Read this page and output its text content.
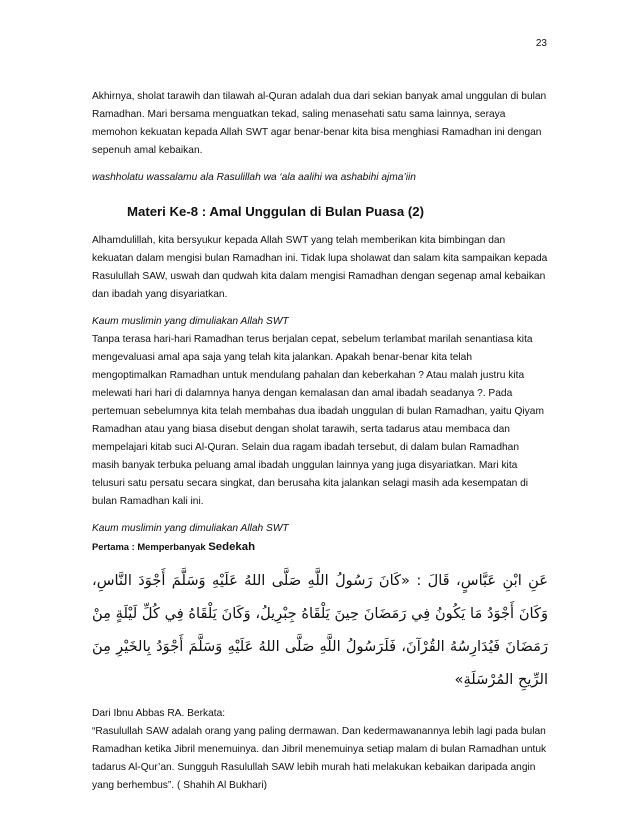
23

Akhirnya, sholat tarawih dan tilawah al-Quran adalah dua dari sekian banyak amal unggulan di bulan Ramadhan. Mari bersama menguatkan tekad, saling menasehati satu sama lainnya, seraya memohon kekuatan kepada Allah SWT agar benar-benar kita bisa menghiasi Ramadhan ini dengan sepenuh amal kebaikan.

washholatu wassalamu ala Rasulillah wa ‘ala aalihi wa ashabihi ajma’iin

Materi Ke-8 : Amal Unggulan di Bulan Puasa (2)

Alhamdulillah, kita bersyukur kepada Allah SWT yang telah memberikan kita bimbingan dan kekuatan dalam mengisi bulan Ramadhan ini. Tidak lupa sholawat dan salam kita sampaikan kepada Rasulullah SAW, uswah dan qudwah kita dalam mengisi Ramadhan dengan segenap amal kebaikan dan ibadah yang disyariatkan.

Kaum muslimin yang dimuliakan Allah SWT

Tanpa terasa hari-hari Ramadhan terus berjalan cepat, sebelum terlambat marilah senantiasa kita mengevaluasi amal apa saja yang telah kita jalankan. Apakah benar-benar kita telah mengoptimalkan Ramadhan untuk mendulang pahalan dan keberkahan ? Atau malah justru kita melewati hari hari di dalamnya hanya dengan kemalasan dan amal ibadah seadanya ?. Pada pertemuan sebelumnya kita telah membahas dua ibadah unggulan di bulan Ramadhan, yaitu Qiyam Ramadhan atau yang biasa disebut dengan sholat tarawih, serta tadarus atau membaca dan mempelajari kitab suci Al-Quran. Selain dua ragam ibadah tersebut, di dalam bulan Ramadhan masih banyak terbuka peluang amal ibadah unggulan lainnya yang juga disyariatkan. Mari kita telusuri satu persatu secara singkat, dan berusaha kita jalankan selagi masih ada kesempatan di bulan Ramadhan kali ini.

Kaum muslimin yang dimuliakan Allah SWT

Pertama : Memperbanyak Sedekah

عَنِ ابْنِ عَبَّاسٍ، قَالَ : «كَانَ رَسُولُ اللَّهِ صَلَّى اللهُ عَلَيْهِ وَسَلَّمَ أَجْوَدَ النَّاسِ، وَكَانَ أَجْوَدُ مَا يَكُونُ فِي رَمَضَانَ حِينَ يَلْقَاهُ جِبْرِيلُ، وَكَانَ يَلْقَاهُ فِي كُلِّ لَيْلَةٍ مِنْ رَمَضَانَ فَيُدَارِسُهُ القُرْآنَ، فَلَرَسُولُ اللَّهِ صَلَّى اللهُ عَلَيْهِ وَسَلَّمَ أَجْوَدُ بِالخَيْرِ مِنَ الرِّيحِ المُرْسَلَةِ»

Dari Ibnu Abbas RA. Berkata:
“Rasulullah SAW adalah orang yang paling dermawan. Dan kedermawanannya lebih lagi pada bulan Ramadhan ketika Jibril menemuinya. dan Jibril menemuinya setiap malam di bulan Ramadhan untuk tadarus Al-Qur’an. Sungguh Rasulullah SAW lebih murah hati melakukan kebaikan daripada angin yang berhembus”. ( Shahih Al Bukhari)
